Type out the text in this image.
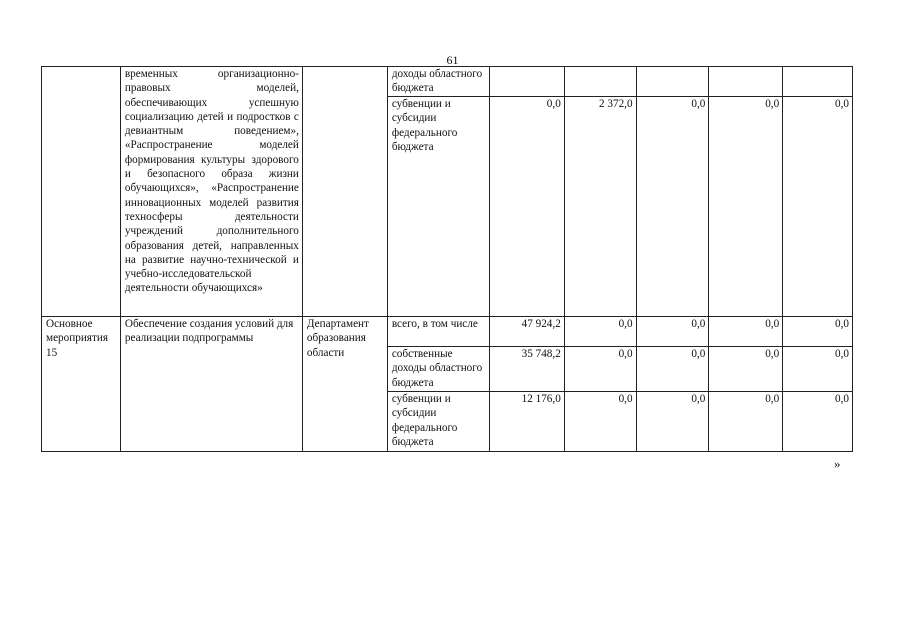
61
	временных организационно-правовых моделей, обеспечивающих успешную социализацию детей и подростков с девиантным поведением», «Распространение моделей формирования культуры здорового и безопасного образа жизни обучающихся», «Распространение инновационных моделей развития техносферы деятельности учреждений дополнительного образования детей, направленных на развитие научно-технической и учебно-исследовательской деятельности обучающихся»		доходы областного бюджета					
			субвенции и субсидии федерального бюджета	0,0	2 372,0	0,0	0,0	0,0
Основное мероприятия 15	Обеспечение создания условий для реализации подпрограммы	Департамент образования области	всего, в том числе	47 924,2	0,0	0,0	0,0	0,0
			собственные доходы областного бюджета	35 748,2	0,0	0,0	0,0	0,0
			субвенции и субсидии федерального бюджета	12 176,0	0,0	0,0	0,0	0,0
»
